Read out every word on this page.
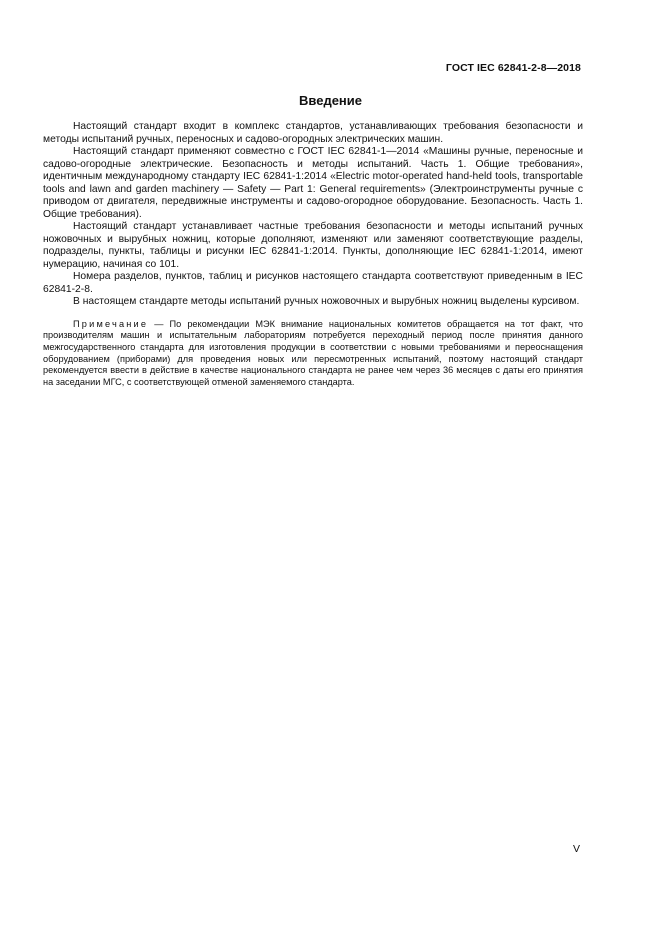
ГОСТ IEC 62841-2-8—2018
Введение

Настоящий стандарт входит в комплекс стандартов, устанавливающих требования безопасности и методы испытаний ручных, переносных и садово-огородных электрических машин.

Настоящий стандарт применяют совместно с ГОСТ IEC 62841-1—2014 «Машины ручные, переносные и садово-огородные электрические. Безопасность и методы испытаний. Часть 1. Общие требования», идентичным международному стандарту IEC 62841-1:2014 «Electric motor-operated hand-held tools, transportable tools and lawn and garden machinery — Safety — Part 1: General requirements» (Электроинструменты ручные с приводом от двигателя, передвижные инструменты и садово-огородное оборудование. Безопасность. Часть 1. Общие требования).

Настоящий стандарт устанавливает частные требования безопасности и методы испытаний ручных ножовочных и вырубных ножниц, которые дополняют, изменяют или заменяют соответствующие разделы, подразделы, пункты, таблицы и рисунки IEC 62841-1:2014. Пункты, дополняющие IEC 62841-1:2014, имеют нумерацию, начиная со 101.

Номера разделов, пунктов, таблиц и рисунков настоящего стандарта соответствуют приведенным в IEC 62841-2-8.

В настоящем стандарте методы испытаний ручных ножовочных и вырубных ножниц выделены курсивом.

Примечание — По рекомендации МЭК внимание национальных комитетов обращается на тот факт, что производителям машин и испытательным лабораториям потребуется переходный период после принятия данного межгосударственного стандарта для изготовления продукции в соответствии с новыми требованиями и переоснащения оборудованием (приборами) для проведения новых или пересмотренных испытаний, поэтому настоящий стандарт рекомендуется ввести в действие в качестве национального стандарта не ранее чем через 36 месяцев с даты его принятия на заседании МГС, с соответствующей отменой заменяемого стандарта.

V
